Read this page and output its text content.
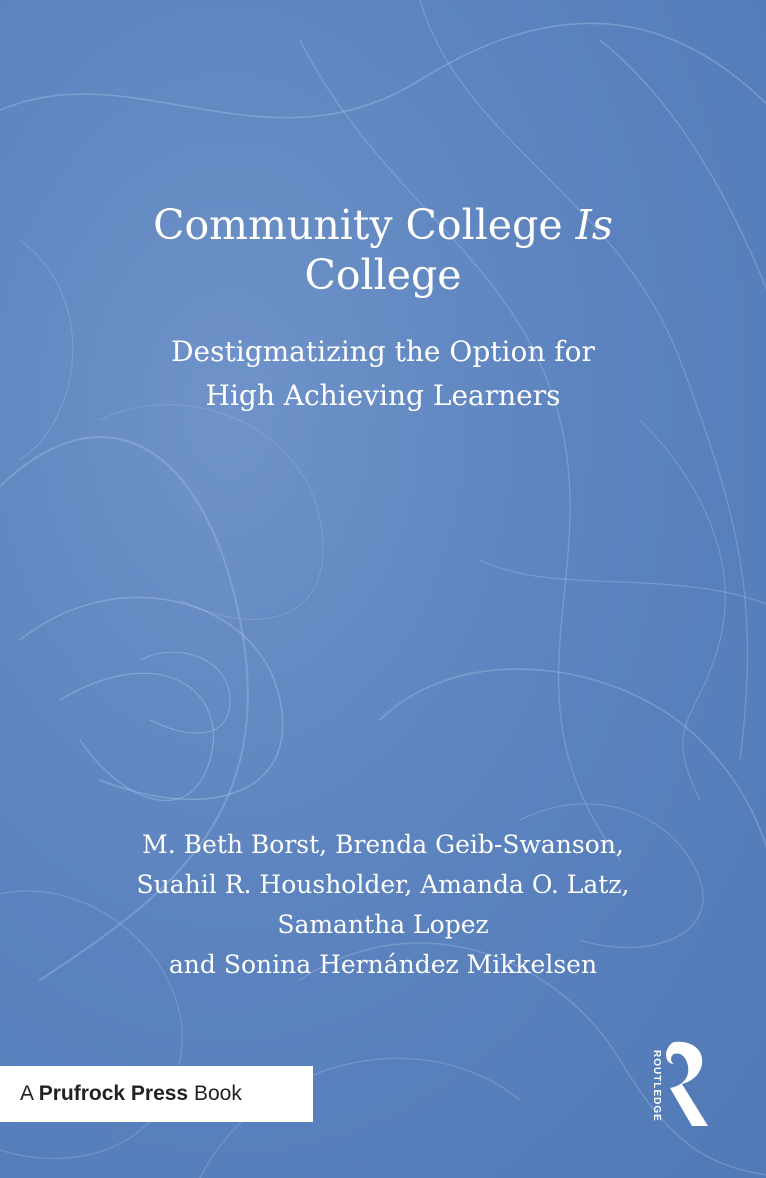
Community College Is
College
Destigmatizing the Option for
High Achieving Learners
M. Beth Borst, Brenda Geib-Swanson,
Suahil R. Housholder, Amanda O. Latz,
Samantha Lopez
and Sonina Hernández Mikkelsen
A Prufrock Press Book	ROUTLEDGE
